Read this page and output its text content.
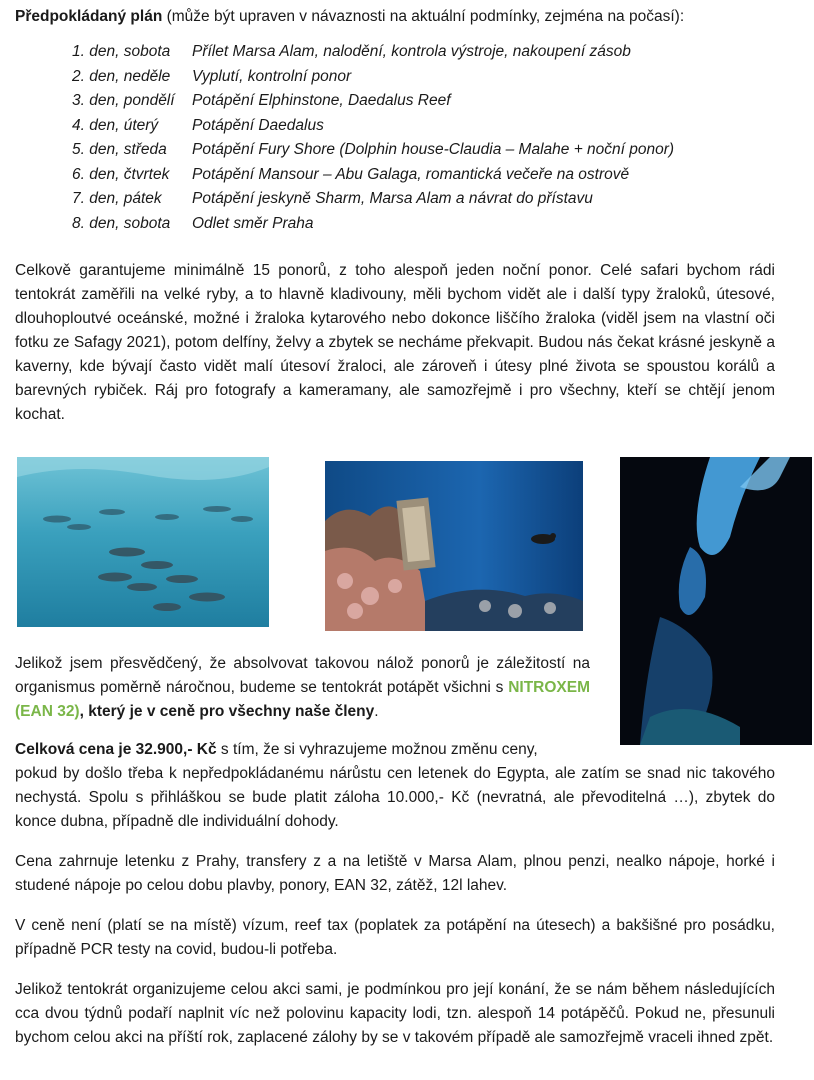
Předpokládaný plán (může být upraven v návaznosti na aktuální podmínky, zejména na počasí):
1. den, sobota Přílet Marsa Alam, nalodění, kontrola výstroje, nakoupení zásob
2. den, neděle Vyplutí, kontrolní ponor
3. den, pondělí Potápění Elphinstone, Daedalus Reef
4. den, úterý Potápění Daedalus
5. den, středa Potápění Fury Shore (Dolphin house-Claudia – Malahe + noční ponor)
6. den, čtvrtek Potápění Mansour – Abu Galaga, romantická večeře na ostrově
7. den, pátek Potápění jeskyně Sharm, Marsa Alam a návrat do přístavu
8. den, sobota Odlet směr Praha

Celkově garantujeme minimálně 15 ponorů, z toho alespoň jeden noční ponor. Celé safari bychom rádi tentokrát zaměřili na velké ryby, a to hlavně kladivouny, měli bychom vidět ale i další typy žraloků, útesové, dlouhoploutvé oceánské, možné i žraloka kytarového nebo dokonce liščího žraloka (viděl jsem na vlastní oči fotku ze Safagy 2021), potom delfíny, želvy a zbytek se necháme překvapit. Budou nás čekat krásné jeskyně a kaverny, kde bývají často vidět malí útesoví žraloci, ale zároveň i útesy plné života se spoustou korálů a barevných rybiček. Ráj pro fotografy a kameramany, ale samozřejmě i pro všechny, kteří se chtějí jenom kochat.

Jelikož jsem přesvědčený, že absolvovat takovou nálož ponorů je záležitostí na organismus poměrně náročnou, budeme se tentokrát potápět všichni s NITROXEM (EAN 32), který je v ceně pro všechny naše členy.

Celková cena je 32.900,- Kč s tím, že si vyhrazujeme možnou změnu ceny,
pokud by došlo třeba k nepředpokládanému nárůstu cen letenek do Egypta, ale zatím se snad nic takového nechystá. Spolu s přihláškou se bude platit záloha 10.000,- Kč (nevratná, ale převoditelná …), zbytek do konce dubna, případně dle individuální dohody.

Cena zahrnuje letenku z Prahy, transfery z a na letiště v Marsa Alam, plnou penzi, nealko nápoje, horké i studené nápoje po celou dobu plavby, ponory, EAN 32, zátěž, 12l lahev.

V ceně není (platí se na místě) vízum, reef tax (poplatek za potápění na útesech) a bakšišné pro posádku, případně PCR testy na covid, budou-li potřeba.

Jelikož tentokrát organizujeme celou akci sami, je podmínkou pro její konání, že se nám během následujících cca dvou týdnů podaří naplnit víc než polovinu kapacity lodi, tzn. alespoň 14 potápěčů. Pokud ne, přesunuli bychom celou akci na příští rok, zaplacené zálohy by se v takovém případě ale samozřejmě vraceli ihned zpět.
